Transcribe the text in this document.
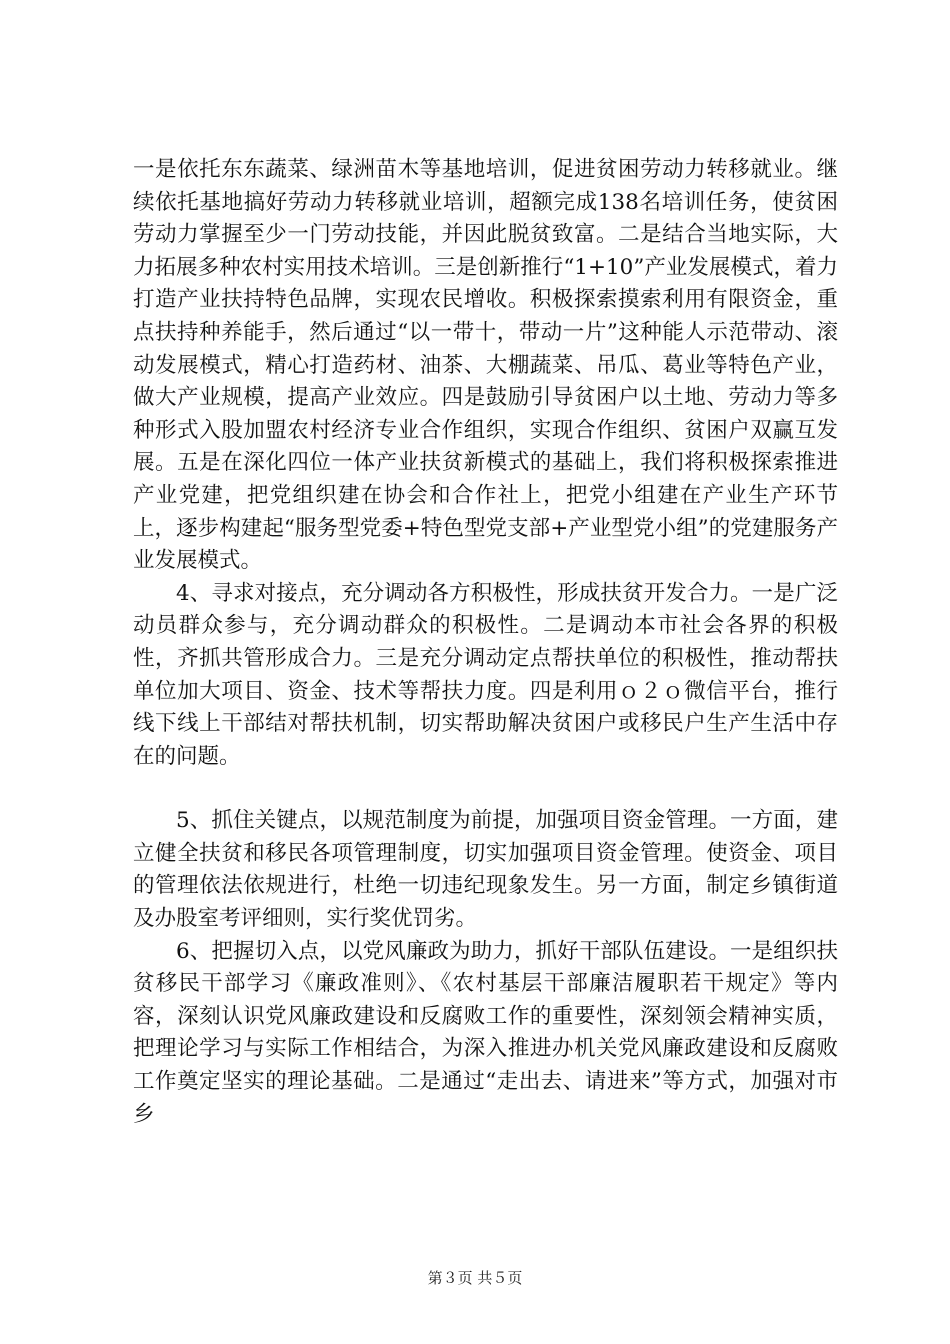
一是依托东东蔬菜、绿洲苗木等基地培训，促进贫困劳动力转移就业。继续依托基地搞好劳动力转移就业培训，超额完成138名培训任务，使贫困劳动力掌握至少一门劳动技能，并因此脱贫致富。二是结合当地实际，大力拓展多种农村实用技术培训。三是创新推行“1+10”产业发展模式，着力打造产业扶持特色品牌，实现农民增收。积极探索摸索利用有限资金，重点扶持种养能手，然后通过“以一带十，带动一片”这种能人示范带动、滚动发展模式，精心打造药材、油茶、大棚蔬菜、吊瓜、葛业等特色产业，做大产业规模，提高产业效应。四是鼓励引导贫困户以土地、劳动力等多种形式入股加盟农村经济专业合作组织，实现合作组织、贫困户双赢互发展。五是在深化四位一体产业扶贫新模式的基础上，我们将积极探索推进产业党建，把党组织建在协会和合作社上，把党小组建在产业生产环节上，逐步构建起“服务型党委+特色型党支部+产业型党小组”的党建服务产业发展模式。

4、寻求对接点，充分调动各方积极性，形成扶贫开发合力。一是广泛动员群众参与，充分调动群众的积极性。二是调动本市社会各界的积极性，齐抓共管形成合力。三是充分调动定点帮扶单位的积极性，推动帮扶单位加大项目、资金、技术等帮扶力度。四是利用ｏ２ｏ微信平台，推行线下线上干部结对帮扶机制，切实帮助解决贫困户或移民户生产生活中存在的问题。

5、抓住关键点，以规范制度为前提，加强项目资金管理。一方面，建立健全扶贫和移民各项管理制度，切实加强项目资金管理。使资金、项目的管理依法依规进行，杜绝一切违纪现象发生。另一方面，制定乡镇街道及办股室考评细则，实行奖优罚劣。

6、把握切入点，以党风廉政为助力，抓好干部队伍建设。一是组织扶贫移民干部学习《廉政准则》、《农村基层干部廉洁履职若干规定》等内容，深刻认识党风廉政建设和反腐败工作的重要性，深刻领会精神实质，把理论学习与实际工作相结合，为深入推进办机关党风廉政建设和反腐败工作奠定坚实的理论基础。二是通过“走出去、请进来”等方式，加强对市乡

第３页 共５页
